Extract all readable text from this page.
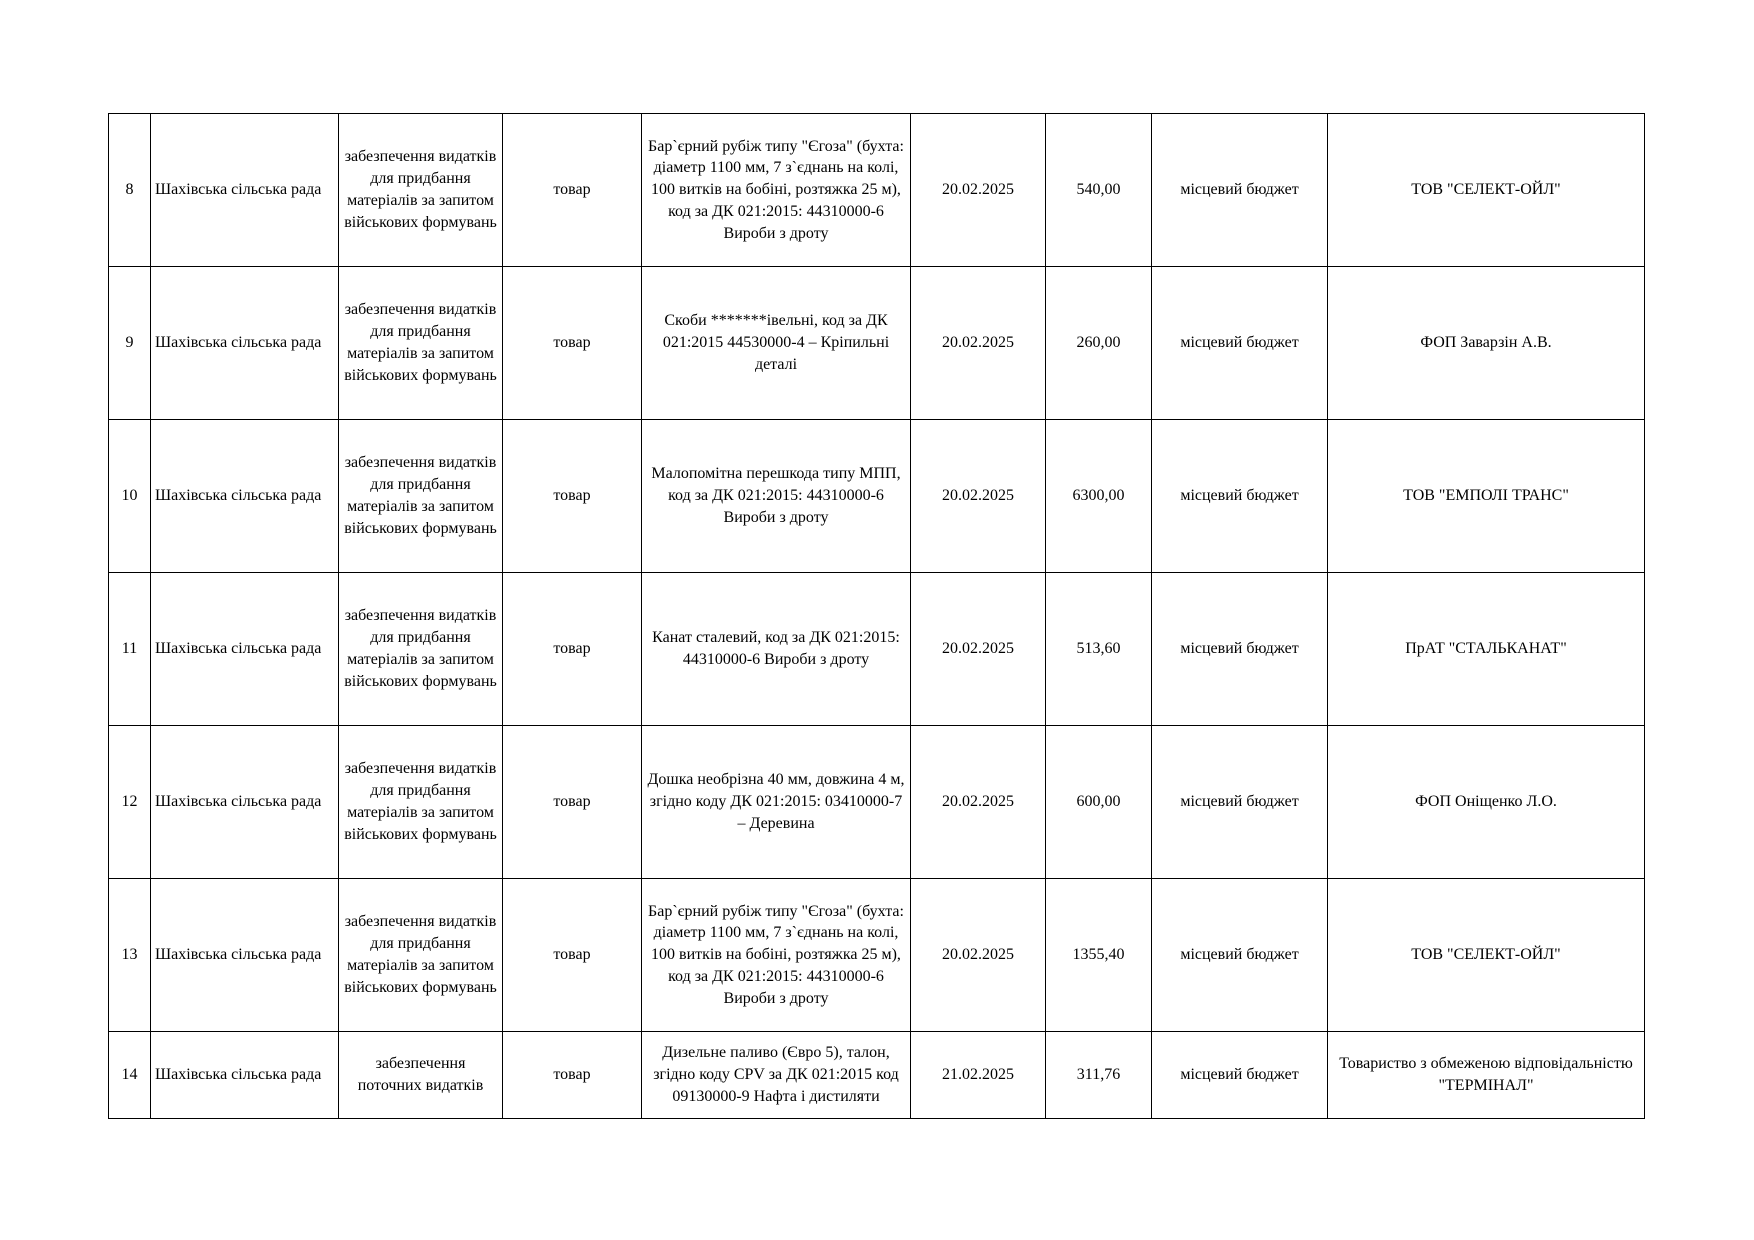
8	Шахівська сільська рада	забезпечення видатків для придбання матеріалів за запитом військових формувань	товар	Бар`єрний рубіж типу "Єгоза" (бухта: діаметр 1100 мм, 7 з`єднань на колі, 100 витків на бобіні, розтяжка 25 м), код за ДК 021:2015: 44310000-6 Вироби з дроту	20.02.2025	540,00	місцевий бюджет	ТОВ "СЕЛЕКТ-ОЙЛ"
9	Шахівська сільська рада	забезпечення видатків для придбання матеріалів за запитом військових формувань	товар	Скоби *******івельні, код за ДК 021:2015 44530000-4 – Кріпильні деталі	20.02.2025	260,00	місцевий бюджет	ФОП Заварзін А.В.
10	Шахівська сільська рада	забезпечення видатків для придбання матеріалів за запитом військових формувань	товар	Малопомітна перешкода типу МПП, код за ДК 021:2015: 44310000-6 Вироби з дроту	20.02.2025	6300,00	місцевий бюджет	ТОВ "ЕМПОЛІ ТРАНС"
11	Шахівська сільська рада	забезпечення видатків для придбання матеріалів за запитом військових формувань	товар	Канат сталевий, код за ДК 021:2015: 44310000-6 Вироби з дроту	20.02.2025	513,60	місцевий бюджет	ПрАТ "СТАЛЬКАНАТ"
12	Шахівська сільська рада	забезпечення видатків для придбання матеріалів за запитом військових формувань	товар	Дошка необрізна 40 мм, довжина 4 м, згідно коду ДК 021:2015: 03410000-7 – Деревина	20.02.2025	600,00	місцевий бюджет	ФОП Оніщенко Л.О.
13	Шахівська сільська рада	забезпечення видатків для придбання матеріалів за запитом військових формувань	товар	Бар`єрний рубіж типу "Єгоза" (бухта: діаметр 1100 мм, 7 з`єднань на колі, 100 витків на бобіні, розтяжка 25 м), код за ДК 021:2015: 44310000-6 Вироби з дроту	20.02.2025	1355,40	місцевий бюджет	ТОВ "СЕЛЕКТ-ОЙЛ"
14	Шахівська сільська рада	забезпечення поточних видатків	товар	Дизельне паливо (Євро 5), талон, згідно коду CPV за ДК 021:2015 код 09130000-9 Нафта і дистиляти	21.02.2025	311,76	місцевий бюджет	Товариство з обмеженою відповідальністю "ТЕРМІНАЛ"
